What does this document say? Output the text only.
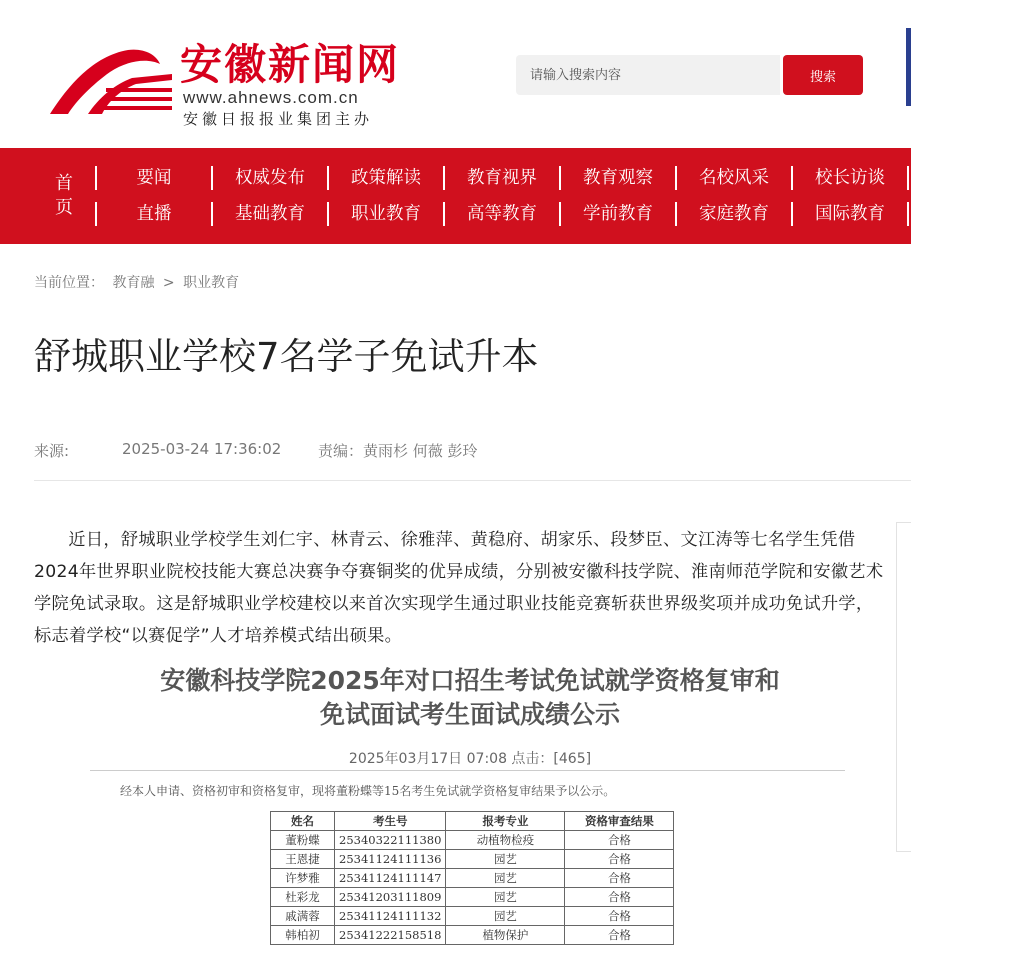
安徽新闻网
www.ahnews.com.cn
安徽日报报业集团主办
请输入搜索内容
搜索
首页
要闻	权威发布	政策解读	教育视界	教育观察	名校风采	校长访谈	名
直播	基础教育	职业教育	高等教育	学前教育	家庭教育	国际教育	教
当前位置： 教育融 > 职业教育
舒城职业学校7名学子免试升本
来源:	2025-03-24 17:36:02 责编：黄雨杉 何薇 彭玲

近日，舒城职业学校学生刘仁宇、林青云、徐雅萍、黄稳府、胡家乐、段梦臣、文江涛等七名学生凭借2024年世界职业院校技能大赛总决赛争夺赛铜奖的优异成绩，分别被安徽科技学院、淮南师范学院和安徽艺术学院免试录取。这是舒城职业学校建校以来首次实现学生通过职业技能竞赛斩获世界级奖项并成功免试升学，标志着学校“以赛促学”人才培养模式结出硕果。

安徽科技学院2025年对口招生考试免试就学资格复审和
免试面试考生面试成绩公示
2025年03月17日 07:08 点击：[465]
经本人申请、资格初审和资格复审，现将董粉蝶等15名考生免试就学资格复审结果予以公示。
姓名	考生号	报考专业	资格审查结果
董粉蝶	25340322111380	动植物检疫	合格
王恩捷	25341124111136	园艺	合格
许梦雅	25341124111147	园艺	合格
杜彩龙	25341203111809	园艺	合格
戚满蓉	25341124111132	园艺	合格
韩柏初	25341222158518	植物保护	合格
